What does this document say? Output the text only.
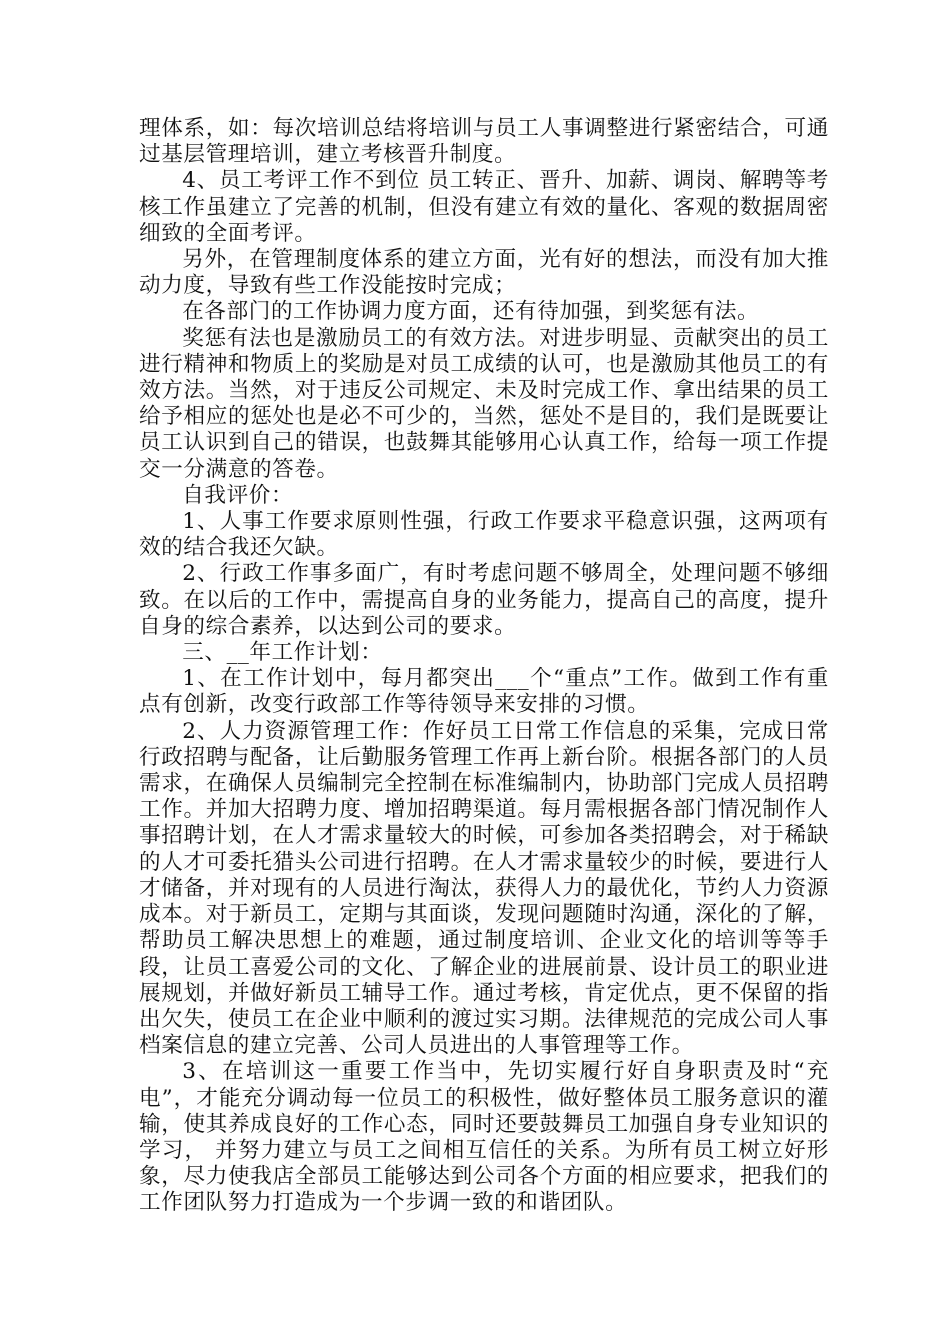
理体系，如：每次培训总结将培训与员工人事调整进行紧密结合，可通过基层管理培训，建立考核晋升制度。

4、员工考评工作不到位 员工转正、晋升、加薪、调岗、解聘等考核工作虽建立了完善的机制，但没有建立有效的量化、客观的数据周密细致的全面考评。

另外，在管理制度体系的建立方面，光有好的想法，而没有加大推动力度，导致有些工作没能按时完成；

在各部门的工作协调力度方面，还有待加强，到奖惩有法。

奖惩有法也是激励员工的有效方法。对进步明显、贡献突出的员工进行精神和物质上的奖励是对员工成绩的认可，也是激励其他员工的有效方法。当然，对于违反公司规定、未及时完成工作、拿出结果的员工给予相应的惩处也是必不可少的，当然，惩处不是目的，我们是既要让员工认识到自己的错误，也鼓舞其能够用心认真工作，给每一项工作提交一分满意的答卷。

自我评价：

1、人事工作要求原则性强，行政工作要求平稳意识强，这两项有效的结合我还欠缺。

2、行政工作事多面广，有时考虑问题不够周全，处理问题不够细致。在以后的工作中，需提高自身的业务能力，提高自己的高度，提升自身的综合素养，以达到公司的要求。

三、__年工作计划：

1、在工作计划中，每月都突出___个“重点”工作。做到工作有重点有创新，改变行政部工作等待领导来安排的习惯。

2、人力资源管理工作：作好员工日常工作信息的采集，完成日常行政招聘与配备，让后勤服务管理工作再上新台阶。根据各部门的人员需求，在确保人员编制完全控制在标准编制内，协助部门完成人员招聘工作。并加大招聘力度、增加招聘渠道。每月需根据各部门情况制作人事招聘计划，在人才需求量较大的时候，可参加各类招聘会，对于稀缺的人才可委托猎头公司进行招聘。在人才需求量较少的时候，要进行人才储备，并对现有的人员进行淘汰，获得人力的最优化，节约人力资源成本。对于新员工，定期与其面谈，发现问题随时沟通，深化的了解，帮助员工解决思想上的难题，通过制度培训、企业文化的培训等等手段，让员工喜爱公司的文化、了解企业的进展前景、设计员工的职业进展规划，并做好新员工辅导工作。通过考核，肯定优点，更不保留的指出欠失，使员工在企业中顺利的渡过实习期。法律规范的完成公司人事档案信息的建立完善、公司人员进出的人事管理等工作。

3、在培训这一重要工作当中，先切实履行好自身职责及时“充电”，才能充分调动每一位员工的积极性，做好整体员工服务意识的灌输，使其养成良好的工作心态，同时还要鼓舞员工加强自身专业知识的学习， 并努力建立与员工之间相互信任的关系。为所有员工树立好形象，尽力使我店全部员工能够达到公司各个方面的相应要求，把我们的工作团队努力打造成为一个步调一致的和谐团队。
